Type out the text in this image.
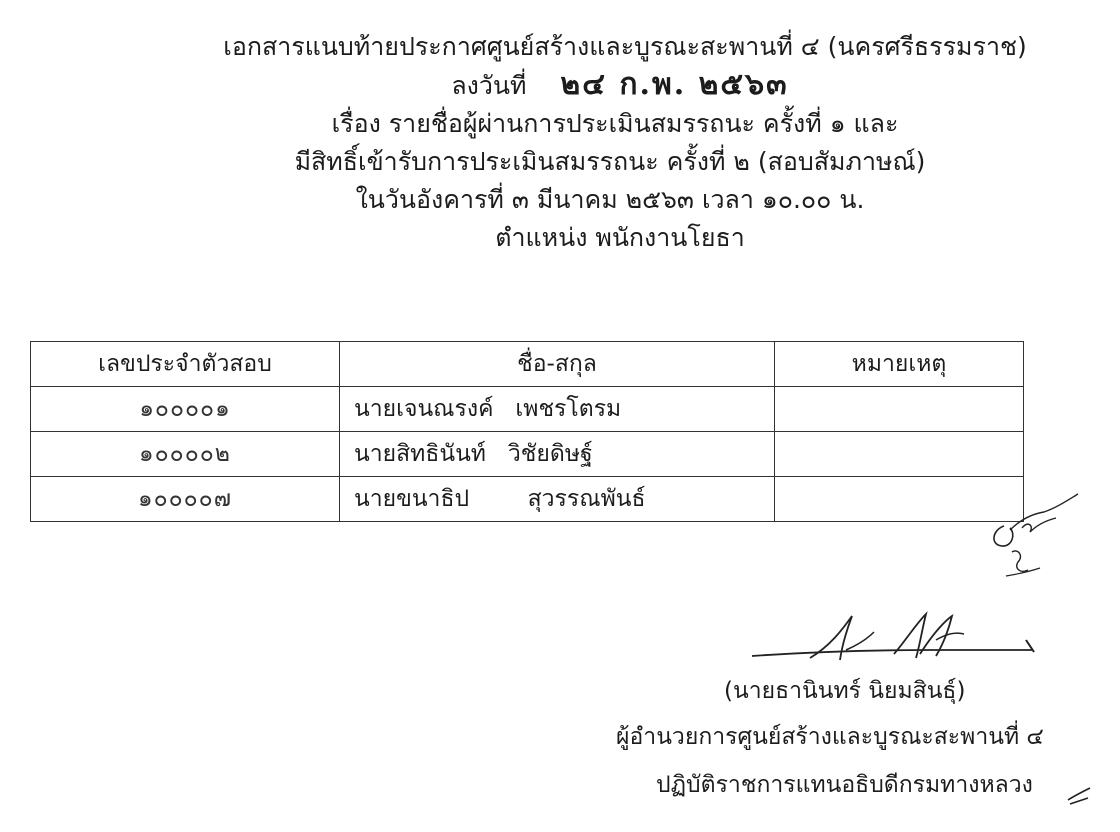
เอกสารแนบท้ายประกาศศูนย์สร้างและบูรณะสะพานที่ ๔ (นครศรีธรรมราช)
ลงวันที่ ๒๔ ก.พ. ๒๕๖๓
เรื่อง รายชื่อผู้ผ่านการประเมินสมรรถนะ ครั้งที่ ๑ และ
มีสิทธิ์เข้ารับการประเมินสมรรถนะ ครั้งที่ ๒ (สอบสัมภาษณ์)
ในวันอังคารที่ ๓ มีนาคม ๒๕๖๓ เวลา ๑๐.๐๐ น.
ตำแหน่ง พนักงานโยธา
เลขประจำตัวสอบ	ชื่อ-สกุล	หมายเหตุ
๑๐๐๐๐๑	นายเจนณรงค์   เพชรโตรม	
๑๐๐๐๐๒	นายสิทธินันท์   วิชัยดิษฐ์	
๑๐๐๐๐๗	นายขนาธิป        สุวรรณพันธ์	
(นายธานินทร์ นิยมสินธุ์)
ผู้อำนวยการศูนย์สร้างและบูรณะสะพานที่ ๔
ปฏิบัติราชการแทนอธิบดีกรมทางหลวง
